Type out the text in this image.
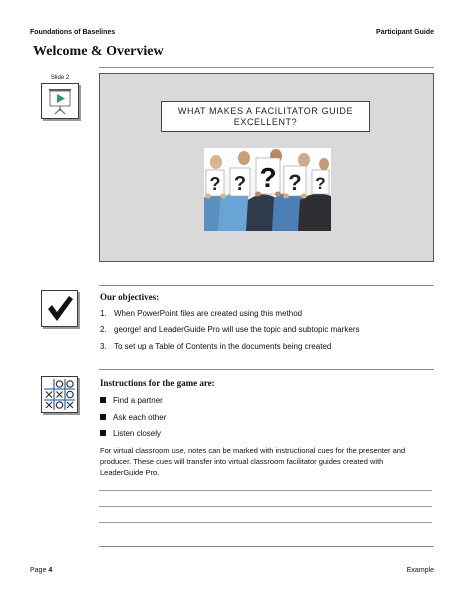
Foundations of Baselines	Participant Guide
Welcome & Overview
Slide 2
WHAT MAKES A FACILITATOR GUIDE EXCELLENT?
? ? ? ? ?
Our objectives:
1. When PowerPoint files are created using this method
2. george! and LeaderGuide Pro will use the topic and subtopic markers
3. To set up a Table of Contents in the documents being created
Instructions for the game are:
Find a partner
Ask each other
Listen closely
For virtual classroom use, notes can be marked with instructional cues for the presenter and producer. These cues will transfer into virtual classroom facilitator guides created with LeaderGuide Pro.
Page 4	Example
